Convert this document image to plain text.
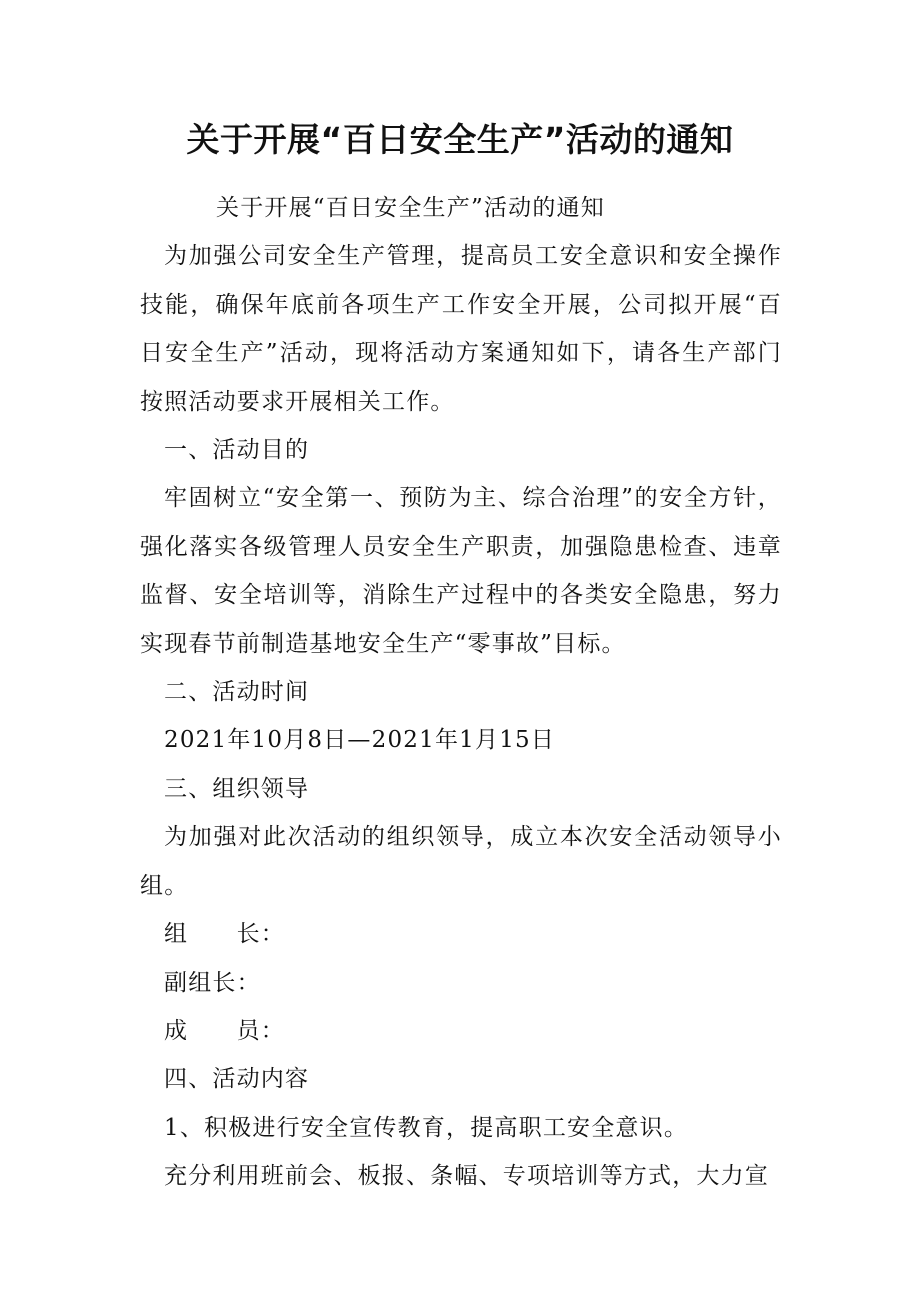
关于开展“百日安全生产”活动的通知

关于开展“百日安全生产”活动的通知

为加强公司安全生产管理，提高员工安全意识和安全操作技能，确保年底前各项生产工作安全开展，公司拟开展“百日安全生产”活动，现将活动方案通知如下，请各生产部门按照活动要求开展相关工作。

一、活动目的

牢固树立“安全第一、预防为主、综合治理”的安全方针，强化落实各级管理人员安全生产职责，加强隐患检查、违章监督、安全培训等，消除生产过程中的各类安全隐患，努力实现春节前制造基地安全生产“零事故”目标。

二、活动时间

2021年10月8日—2021年1月15日

三、组织领导

为加强对此次活动的组织领导，成立本次安全活动领导小组。

组　　长：

副组长：

成　　员：

四、活动内容

1、积极进行安全宣传教育，提高职工安全意识。

充分利用班前会、板报、条幅、专项培训等方式，大力宣
